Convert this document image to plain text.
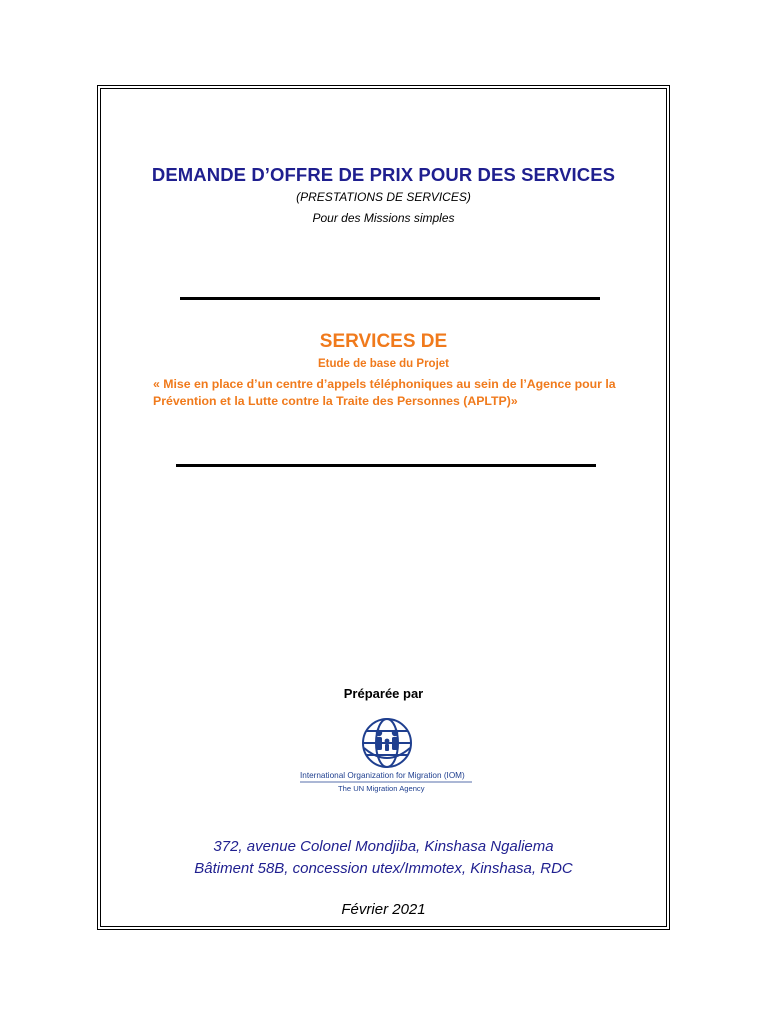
DEMANDE D’OFFRE DE PRIX POUR DES SERVICES
(PRESTATIONS DE SERVICES)
Pour des Missions simples
SERVICES DE
Etude de base du Projet
« Mise en place d’un centre d’appels téléphoniques au sein de l’Agence pour la
Prévention et la Lutte contre la Traite des Personnes (APLTP)»
Préparée par
International Organization for Migration (IOM)
The UN Migration Agency
372, avenue Colonel Mondjiba, Kinshasa Ngaliema
Bâtiment 58B, concession utex/Immotex, Kinshasa, RDC
Février 2021
